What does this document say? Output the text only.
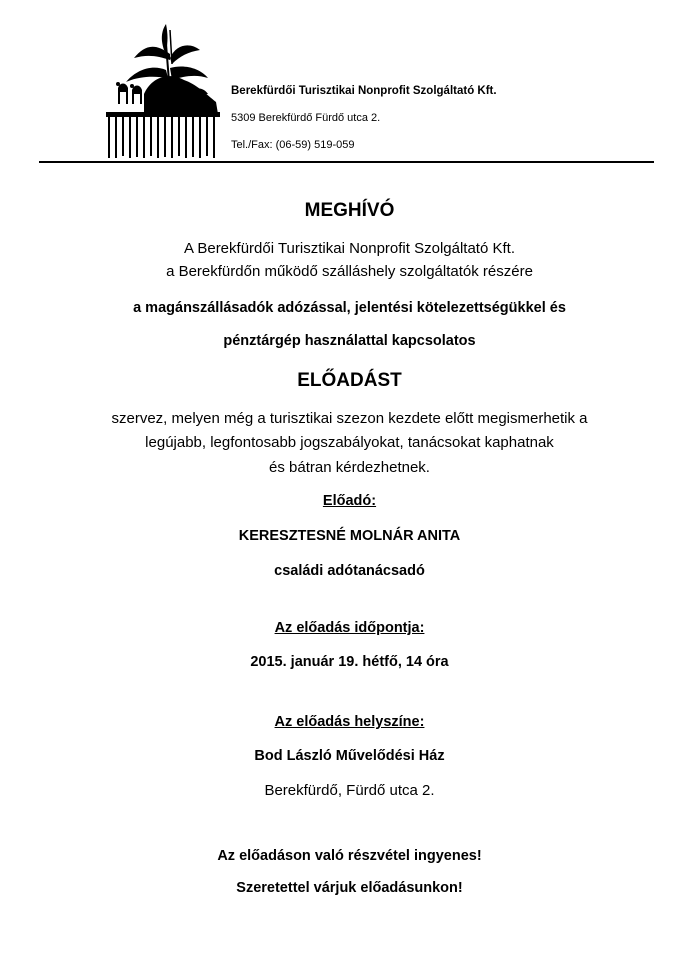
Berekfürdői Turisztikai Nonprofit Szolgáltató Kft.
5309 Berekfürdő Fürdő utca 2.
Tel./Fax: (06-59) 519-059
MEGHÍVÓ
A Berekfürdői Turisztikai Nonprofit Szolgáltató Kft.
a Berekfürdőn működő szálláshely szolgáltatók részére
a magánszállásadók adózással, jelentési kötelezettségükkel és
pénztárgép használattal kapcsolatos
ELŐADÁST
szervez, melyen még a turisztikai szezon kezdete előtt megismerhetik a
legújabb, legfontosabb jogszabályokat, tanácsokat kaphatnak
és bátran kérdezhetnek.
Előadó:
KERESZTESNÉ MOLNÁR ANITA
családi adótanácsadó
Az előadás időpontja:
2015. január 19. hétfő, 14 óra
Az előadás helyszíne:
Bod László Művelődési Ház
Berekfürdő, Fürdő utca 2.
Az előadáson való részvétel ingyenes!
Szeretettel várjuk előadásunkon!
